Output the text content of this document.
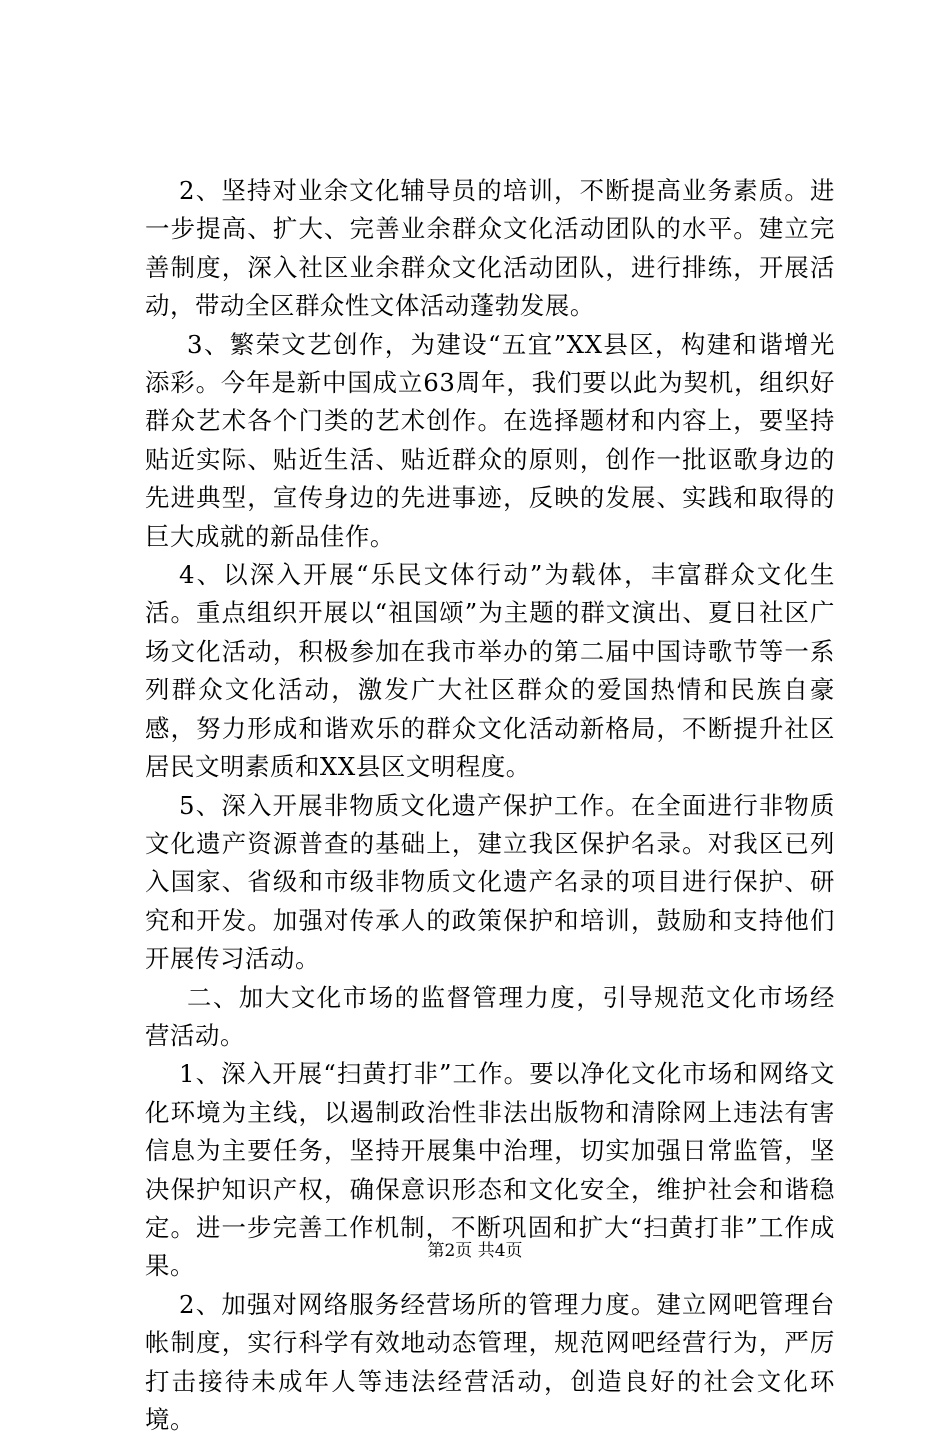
2、坚持对业余文化辅导员的培训，不断提高业务素质。进一步提高、扩大、完善业余群众文化活动团队的水平。建立完善制度，深入社区业余群众文化活动团队，进行排练，开展活动，带动全区群众性文体活动蓬勃发展。

3、繁荣文艺创作，为建设“五宜”XX县区，构建和谐增光添彩。今年是新中国成立63周年，我们要以此为契机，组织好群众艺术各个门类的艺术创作。在选择题材和内容上，要坚持贴近实际、贴近生活、贴近群众的原则，创作一批讴歌身边的先进典型，宣传身边的先进事迹，反映的发展、实践和取得的巨大成就的新品佳作。

4、以深入开展“乐民文体行动”为载体，丰富群众文化生活。重点组织开展以“祖国颂”为主题的群文演出、夏日社区广场文化活动，积极参加在我市举办的第二届中国诗歌节等一系列群众文化活动，激发广大社区群众的爱国热情和民族自豪感，努力形成和谐欢乐的群众文化活动新格局，不断提升社区居民文明素质和XX县区文明程度。

5、深入开展非物质文化遗产保护工作。在全面进行非物质文化遗产资源普查的基础上，建立我区保护名录。对我区已列入国家、省级和市级非物质文化遗产名录的项目进行保护、研究和开发。加强对传承人的政策保护和培训，鼓励和支持他们开展传习活动。

二、加大文化市场的监督管理力度，引导规范文化市场经营活动。

1、深入开展“扫黄打非”工作。要以净化文化市场和网络文化环境为主线，以遏制政治性非法出版物和清除网上违法有害信息为主要任务，坚持开展集中治理，切实加强日常监管，坚决保护知识产权，确保意识形态和文化安全，维护社会和谐稳定。进一步完善工作机制，不断巩固和扩大“扫黄打非”工作成果。

2、加强对网络服务经营场所的管理力度。建立网吧管理台帐制度，实行科学有效地动态管理，规范网吧经营行为，严厉打击接待未成年人等违法经营活动，创造良好的社会文化环境。

第2页 共4页
